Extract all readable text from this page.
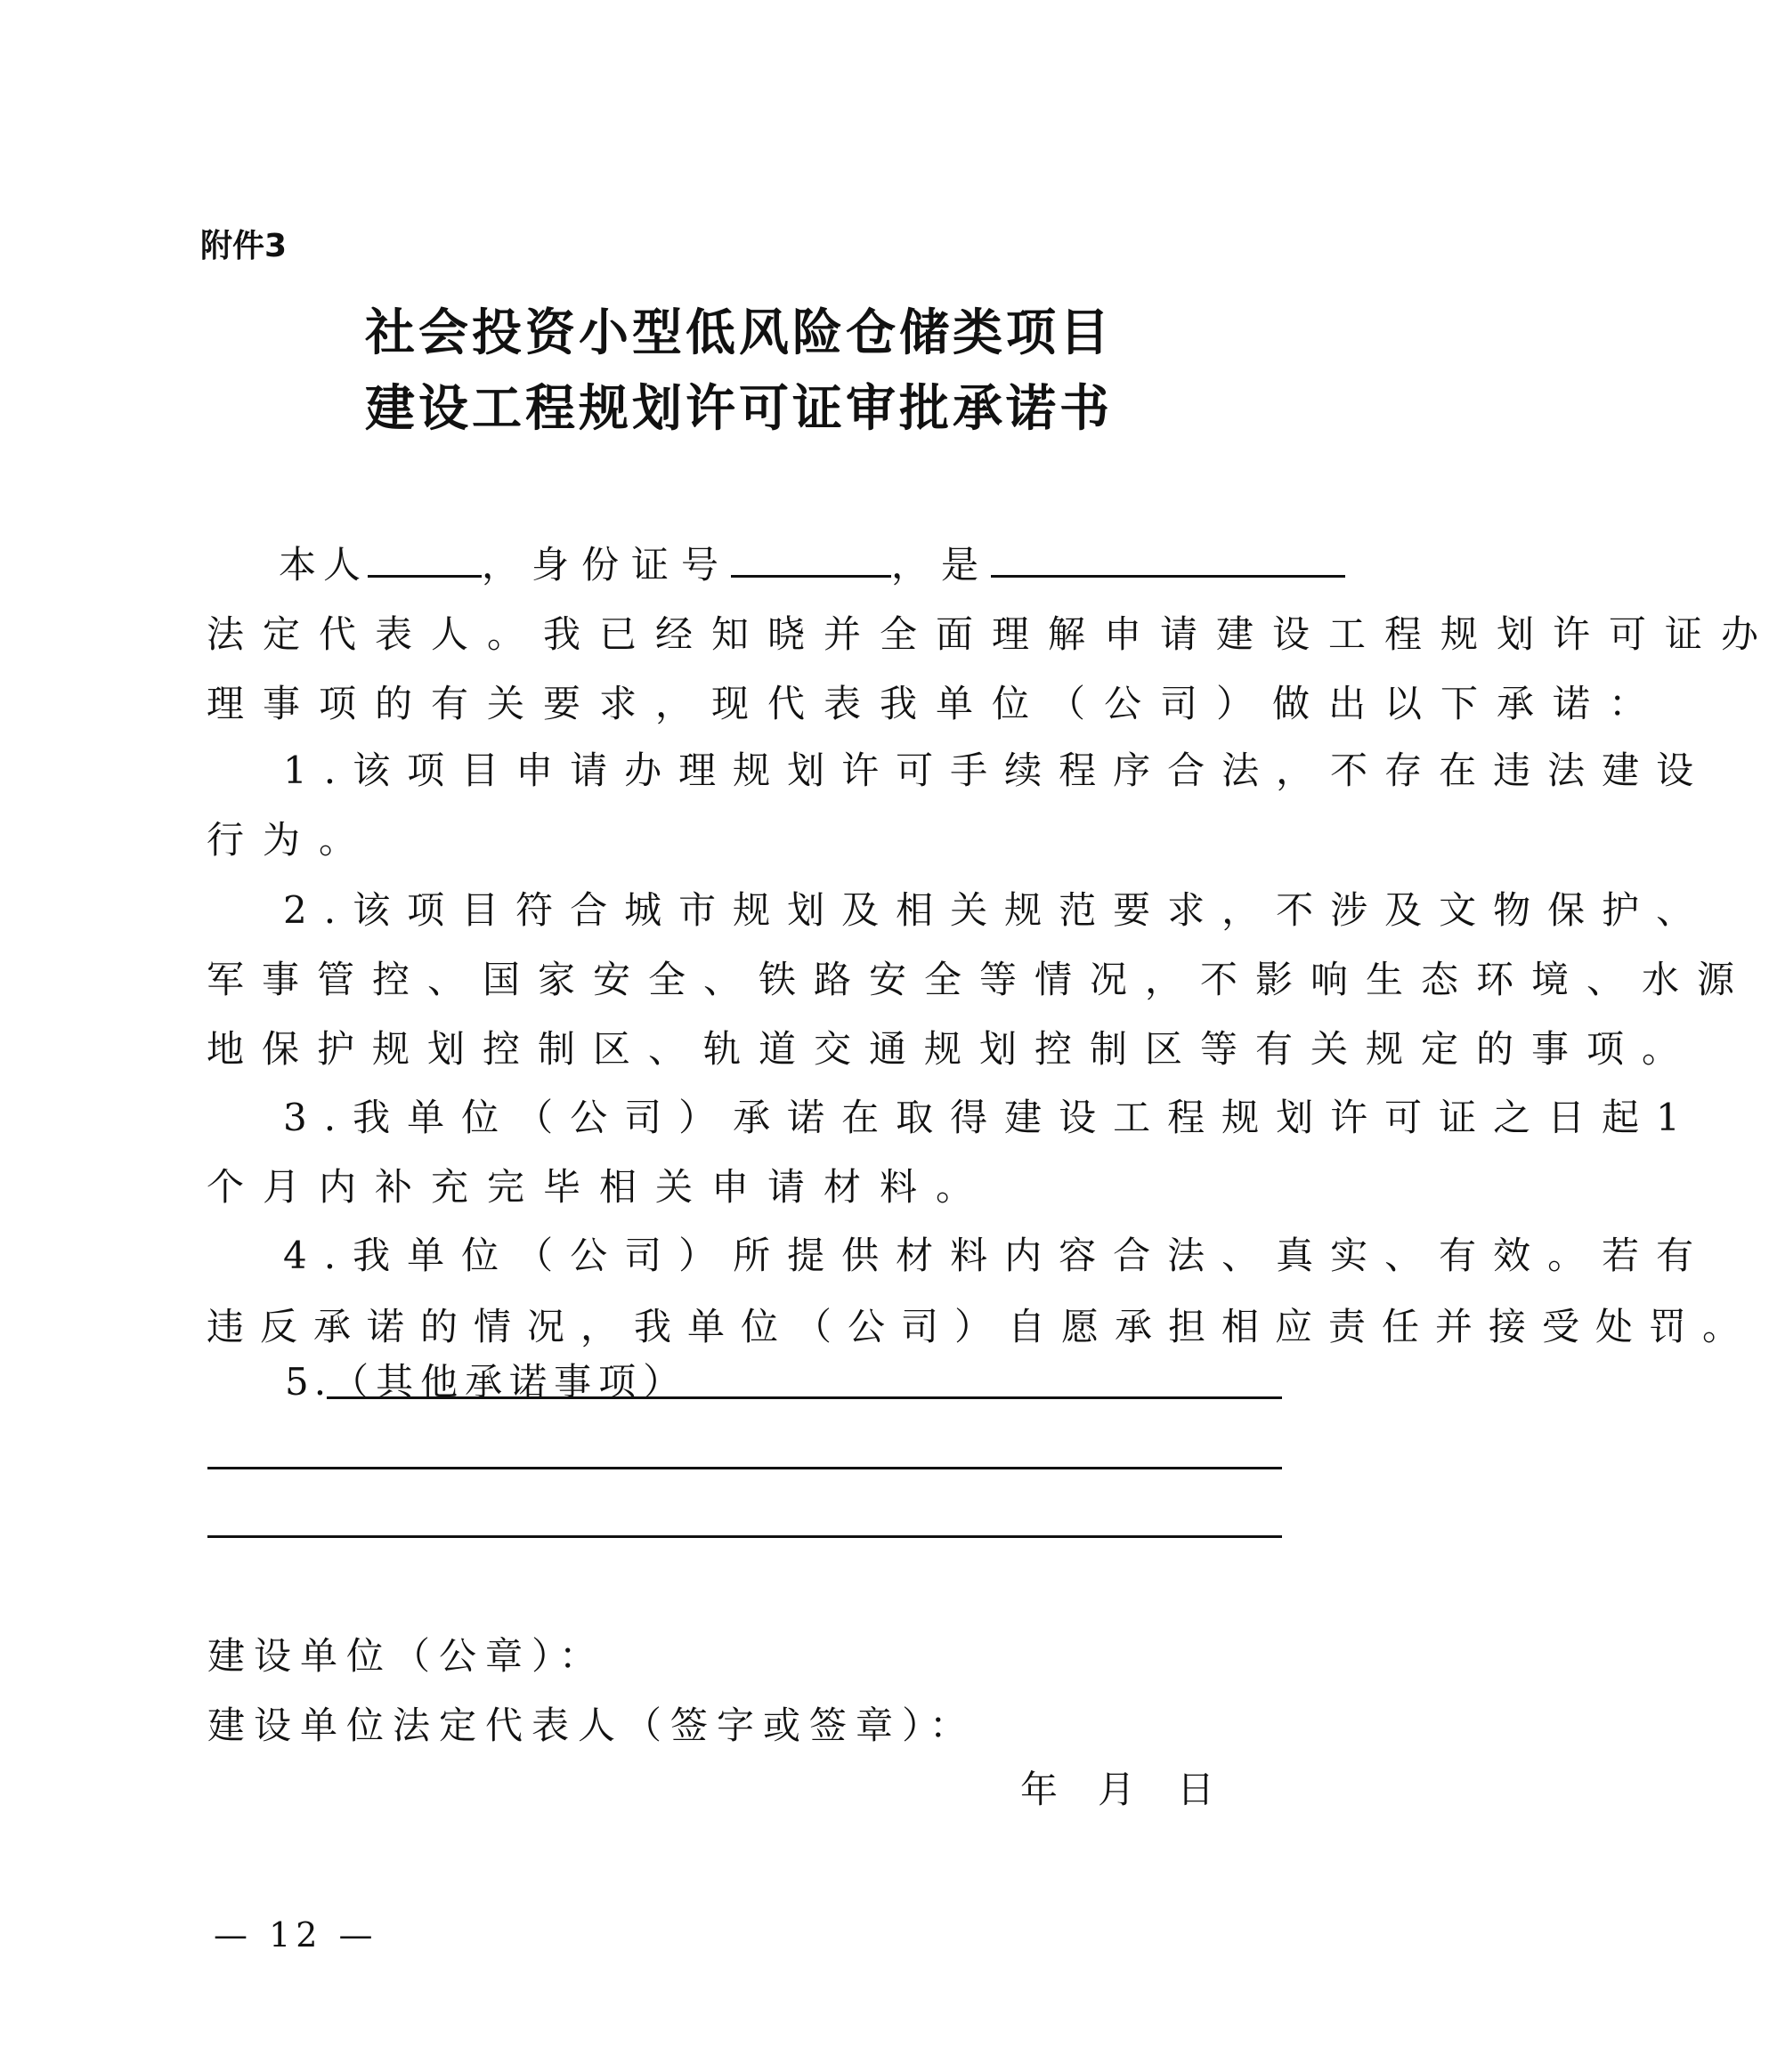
附件3
社会投资小型低风险仓储类项目
建设工程规划许可证审批承诺书
本人	，身份证号	，是
法定代表人。我已经知晓并全面理解申请建设工程规划许可证办
理事项的有关要求，现代表我单位（公司）做出以下承诺：
1.该项目申请办理规划许可手续程序合法，不存在违法建设
行为。
2.该项目符合城市规划及相关规范要求，不涉及文物保护、
军事管控、国家安全、铁路安全等情况，不影响生态环境、水源
地保护规划控制区、轨道交通规划控制区等有关规定的事项。
3.我单位（公司）承诺在取得建设工程规划许可证之日起1
个月内补充完毕相关申请材料。
4.我单位（公司）所提供材料内容合法、真实、有效。若有
违反承诺的情况，我单位（公司）自愿承担相应责任并接受处罚。
5.（其他承诺事项）
建设单位（公章）：
建设单位法定代表人（签字或签章）：
年 月 日
— 12 —
